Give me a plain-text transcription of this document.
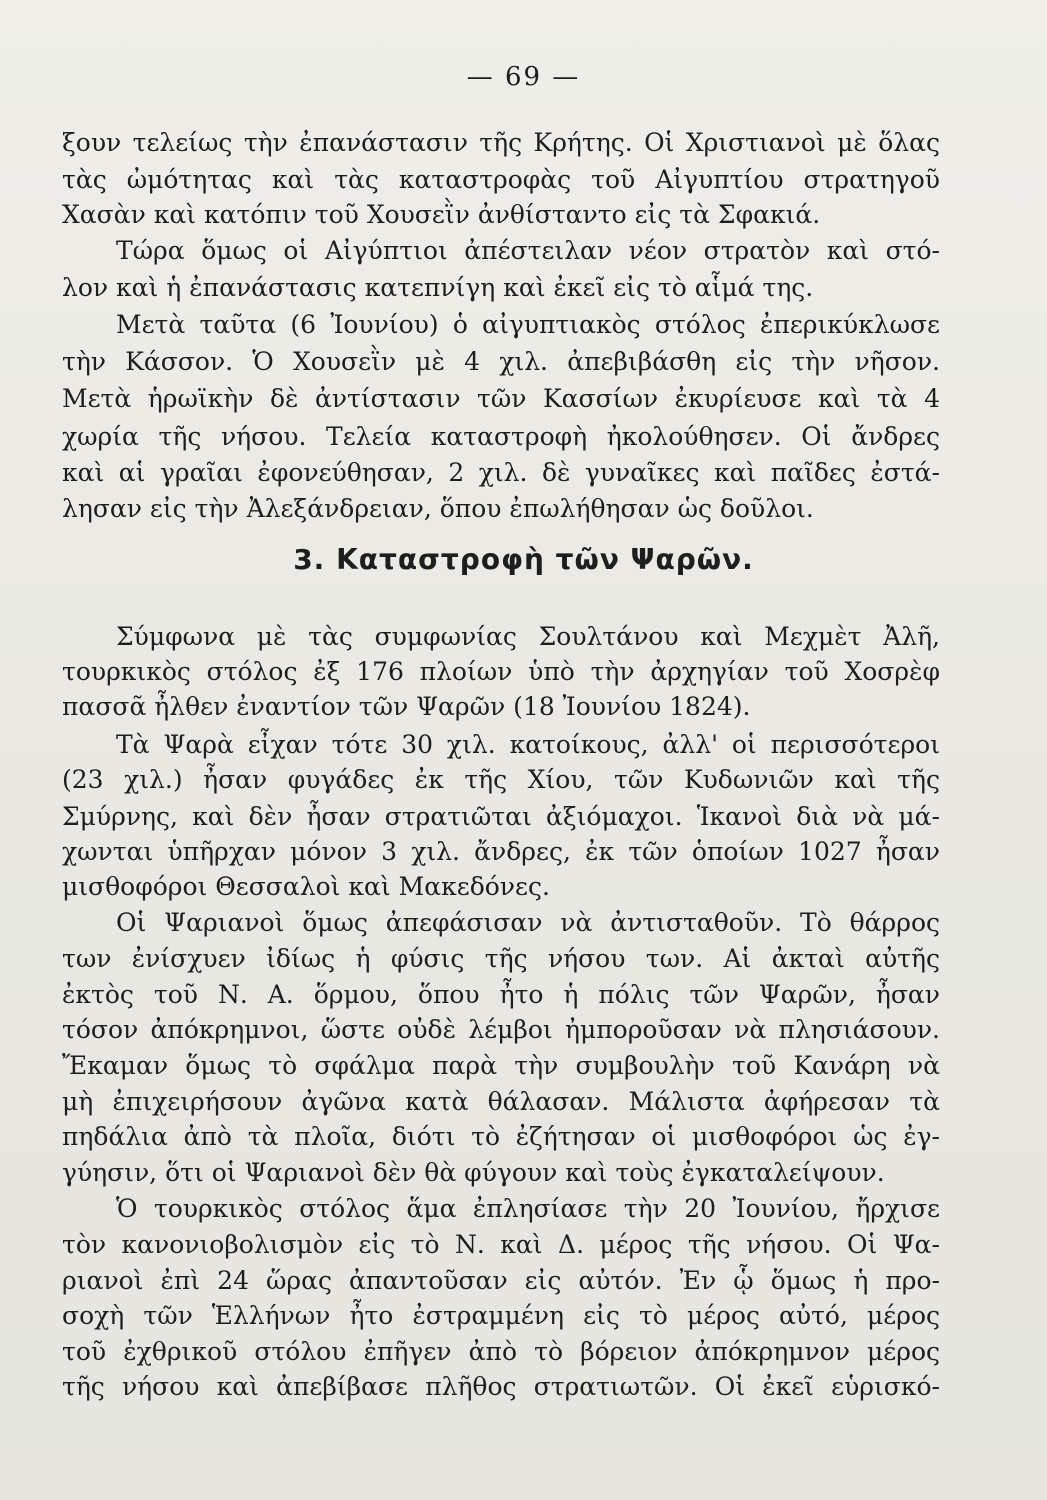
— 69 —
ξουν τελείως τὴν ἐπανάστασιν τῆς Κρήτης. Οἱ Χριστιανοὶ μὲ ὅλας
τὰς ὠμότητας καὶ τὰς καταστροφὰς τοῦ Αἰγυπτίου στρατηγοῦ
Χασὰν καὶ κατόπιν τοῦ Χουσεῒν ἀνθίσταντο εἰς τὰ Σφακιά.
Τώρα ὅμως οἱ Αἰγύπτιοι ἀπέστειλαν νέον στρατὸν καὶ στό-
λον καὶ ἡ ἐπανάστασις κατεπνίγη καὶ ἐκεῖ εἰς τὸ αἷμά της.
Μετὰ ταῦτα (6 Ἰουνίου) ὁ αἰγυπτιακὸς στόλος ἐπερικύκλωσε
τὴν Κάσσον. Ὁ Χουσεῒν μὲ 4 χιλ. ἀπεβιβάσθη εἰς τὴν νῆσον.
Μετὰ ἡρωϊκὴν δὲ ἀντίστασιν τῶν Κασσίων ἐκυρίευσε καὶ τὰ 4
χωρία τῆς νήσου. Τελεία καταστροφὴ ἠκολούθησεν. Οἱ ἄνδρες
καὶ αἱ γραῖαι ἐφονεύθησαν, 2 χιλ. δὲ γυναῖκες καὶ παῖδες ἐστά-
λησαν εἰς τὴν Ἀλεξάνδρειαν, ὅπου ἐπωλήθησαν ὡς δοῦλοι.
3. Καταστροφὴ τῶν Ψαρῶν.
Σύμφωνα μὲ τὰς συμφωνίας Σουλτάνου καὶ Μεχμὲτ Ἀλῆ,
τουρκικὸς στόλος ἐξ 176 πλοίων ὑπὸ τὴν ἀρχηγίαν τοῦ Χοσρὲφ
πασσᾶ ἦλθεν ἐναντίον τῶν Ψαρῶν (18 Ἰουνίου 1824).
Τὰ Ψαρὰ εἶχαν τότε 30 χιλ. κατοίκους, ἀλλ' οἱ περισσότεροι
(23 χιλ.) ἦσαν φυγάδες ἐκ τῆς Χίου, τῶν Κυδωνιῶν καὶ τῆς
Σμύρνης, καὶ δὲν ἦσαν στρατιῶται ἀξιόμαχοι. Ἱκανοὶ διὰ νὰ μά-
χωνται ὑπῆρχαν μόνον 3 χιλ. ἄνδρες, ἐκ τῶν ὁποίων 1027 ἦσαν
μισθοφόροι Θεσσαλοὶ καὶ Μακεδόνες.
Οἱ Ψαριανοὶ ὅμως ἀπεφάσισαν νὰ ἀντισταθοῦν. Τὸ θάρρος
των ἐνίσχυεν ἰδίως ἡ φύσις τῆς νήσου των. Αἱ ἀκταὶ αὐτῆς
ἐκτὸς τοῦ Ν. Α. ὅρμου, ὅπου ἦτο ἡ πόλις τῶν Ψαρῶν, ἦσαν
τόσον ἀπόκρημνοι, ὥστε οὐδὲ λέμβοι ἠμποροῦσαν νὰ πλησιάσουν.
Ἔκαμαν ὅμως τὸ σφάλμα παρὰ τὴν συμβουλὴν τοῦ Κανάρη νὰ
μὴ ἐπιχειρήσουν ἀγῶνα κατὰ θάλασαν. Μάλιστα ἀφήρεσαν τὰ
πηδάλια ἀπὸ τὰ πλοῖα, διότι τὸ ἐζήτησαν οἱ μισθοφόροι ὡς ἐγ-
γύησιν, ὅτι οἱ Ψαριανοὶ δὲν θὰ φύγουν καὶ τοὺς ἐγκαταλείψουν.
Ὁ τουρκικὸς στόλος ἅμα ἐπλησίασε τὴν 20 Ἰουνίου, ἤρχισε
τὸν κανονιοβολισμὸν εἰς τὸ Ν. καὶ Δ. μέρος τῆς νήσου. Οἱ Ψα-
ριανοὶ ἐπὶ 24 ὥρας ἀπαντοῦσαν εἰς αὐτόν. Ἐν ᾧ ὅμως ἡ προ-
σοχὴ τῶν Ἑλλήνων ἦτο ἐστραμμένη εἰς τὸ μέρος αὐτό, μέρος
τοῦ ἐχθρικοῦ στόλου ἐπῆγεν ἀπὸ τὸ βόρειον ἀπόκρημνον μέρος
τῆς νήσου καὶ ἀπεβίβασε πλῆθος στρατιωτῶν. Οἱ ἐκεῖ εὑρισκό-
